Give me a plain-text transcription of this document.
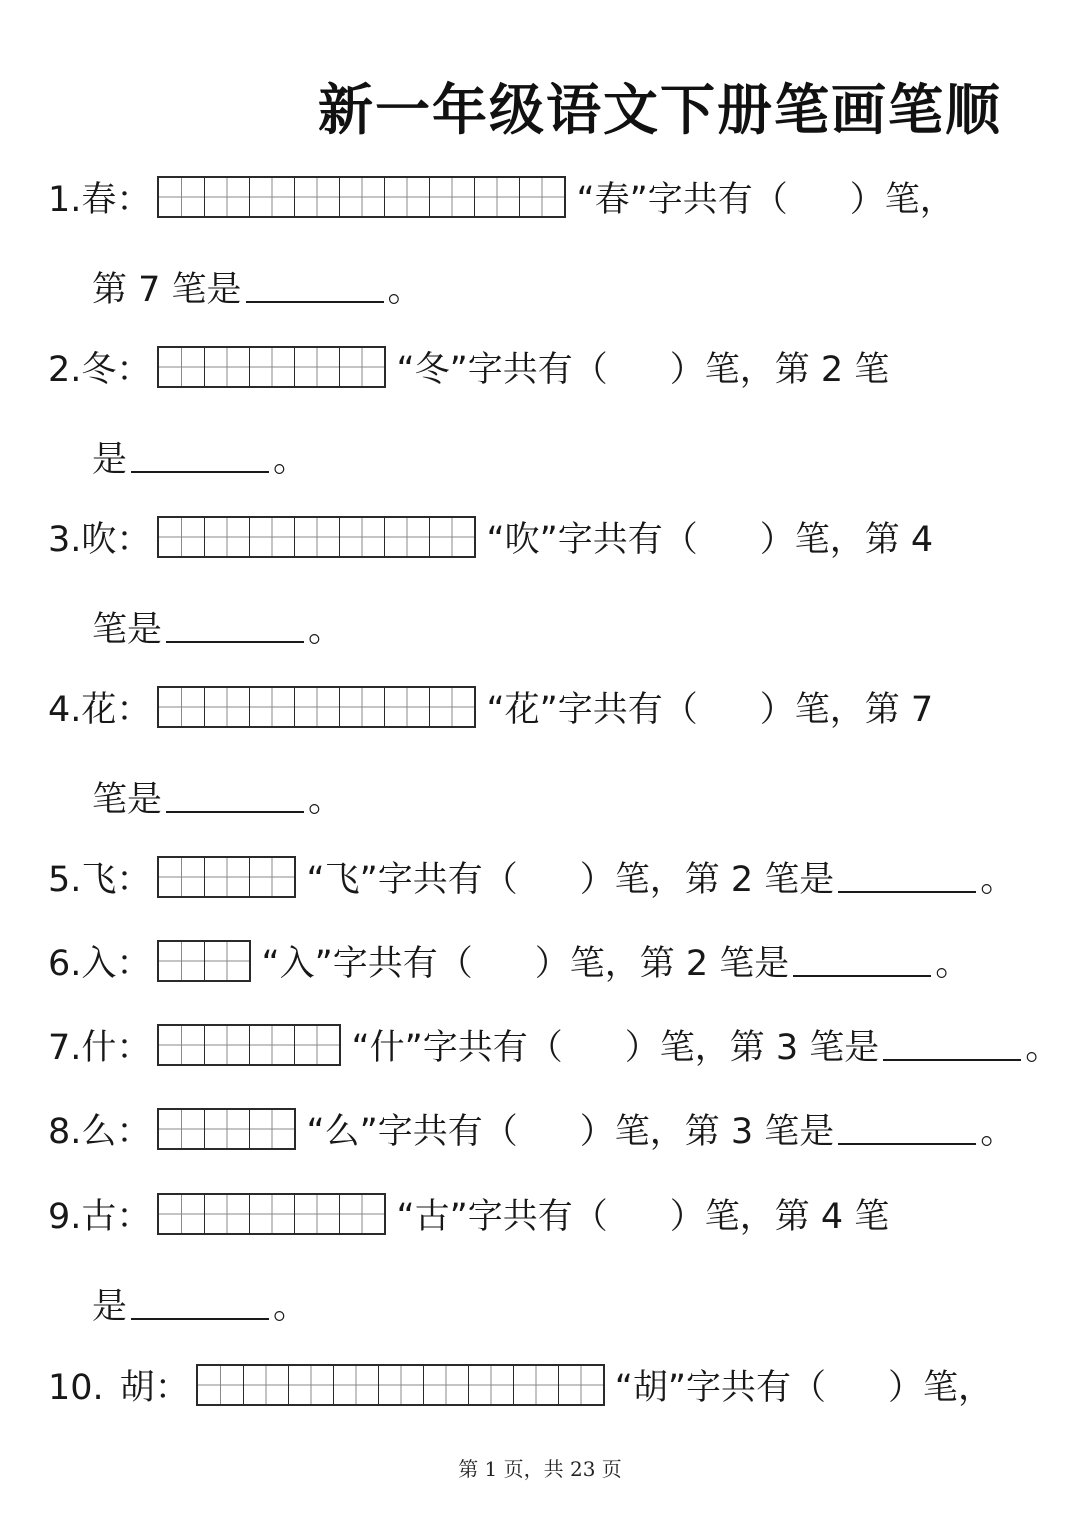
新一年级语文下册笔画笔顺
1.春：	“春”字共有（ ）笔，
第 7 笔是	。
2.冬：	“冬”字共有（ ）笔，第 2 笔
是	。
3.吹：	“吹”字共有（ ）笔，第 4
笔是	。
4.花：	“花”字共有（ ）笔，第 7
笔是	。
5.飞：	“飞”字共有（ ）笔，第 2 笔是	。
6.入：	“入”字共有（ ）笔，第 2 笔是	。
7.什：	“什”字共有（ ）笔，第 3 笔是	。
8.么：	“么”字共有（ ）笔，第 3 笔是	。
9.古：	“古”字共有（ ）笔，第 4 笔
是	。
10. 胡：	“胡”字共有（ ）笔，
第 1 页，共 23 页
